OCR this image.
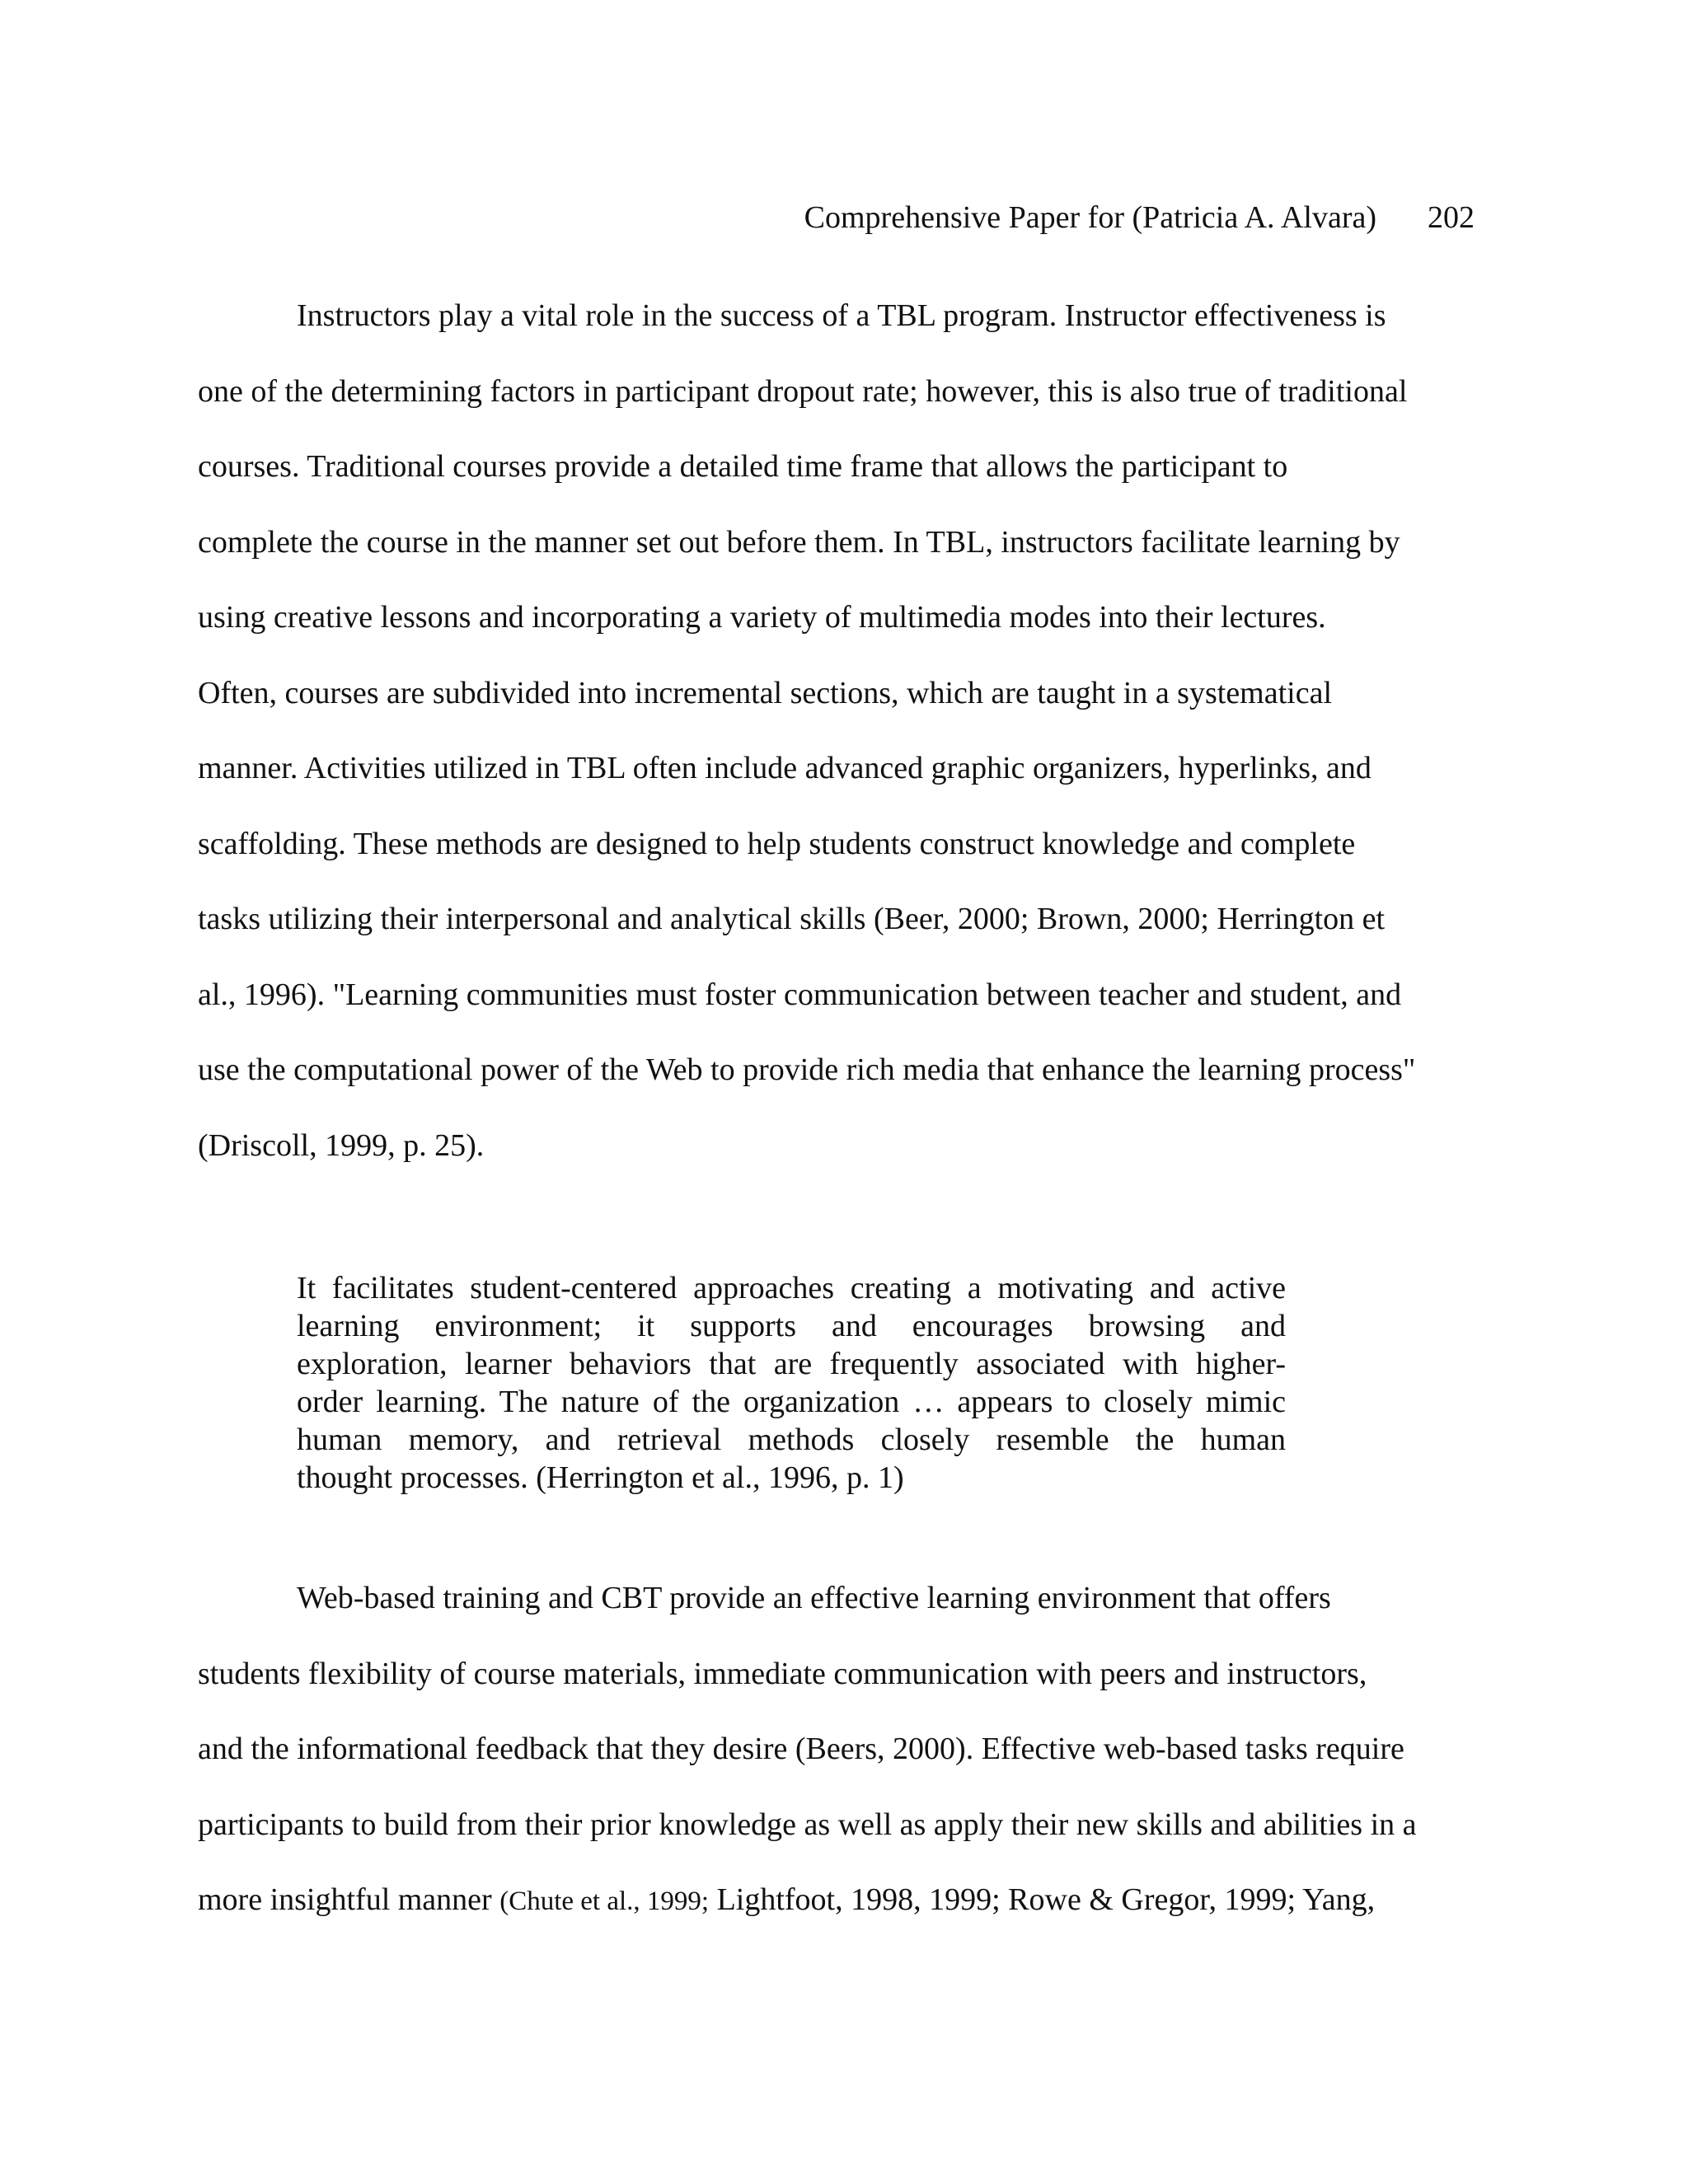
Comprehensive Paper for (Patricia A. Alvara) 202
Instructors play a vital role in the success of a TBL program. Instructor effectiveness is
one of the determining factors in participant dropout rate; however, this is also true of traditional
courses. Traditional courses provide a detailed time frame that allows the participant to
complete the course in the manner set out before them. In TBL, instructors facilitate learning by
using creative lessons and incorporating a variety of multimedia modes into their lectures.
Often, courses are subdivided into incremental sections, which are taught in a systematical
manner. Activities utilized in TBL often include advanced graphic organizers, hyperlinks, and
scaffolding. These methods are designed to help students construct knowledge and complete
tasks utilizing their interpersonal and analytical skills (Beer, 2000; Brown, 2000; Herrington et
al., 1996). "Learning communities must foster communication between teacher and student, and
use the computational power of the Web to provide rich media that enhance the learning process"
(Driscoll, 1999, p. 25).
It facilitates student-centered approaches creating a motivating and active
learning environment; it supports and encourages browsing and
exploration, learner behaviors that are frequently associated with higher-
order learning. The nature of the organization … appears to closely mimic
human memory, and retrieval methods closely resemble the human
thought processes. (Herrington et al., 1996, p. 1)
Web-based training and CBT provide an effective learning environment that offers
students flexibility of course materials, immediate communication with peers and instructors,
and the informational feedback that they desire (Beers, 2000). Effective web-based tasks require
participants to build from their prior knowledge as well as apply their new skills and abilities in a
more insightful manner (Chute et al., 1999; Lightfoot, 1998, 1999; Rowe & Gregor, 1999; Yang,
